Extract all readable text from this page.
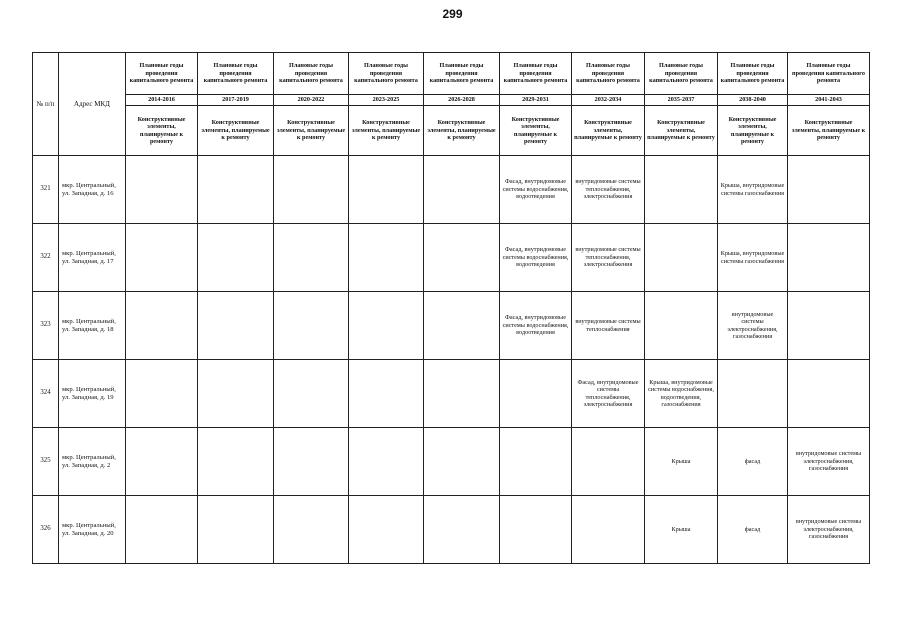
299
№ п/п	Адрес МКД	Плановые годы проведения капитального ремонта	Плановые годы проведения капитального ремонта	Плановые годы проведения капитального ремонта	Плановые годы проведения капитального ремонта	Плановые годы проведения капитального ремонта	Плановые годы проведения капитального ремонта	Плановые годы проведения капитального ремонта	Плановые годы проведения капитального ремонта	Плановые годы проведения капитального ремонта	Плановые годы проведения капитального ремонта
		2014-2016	2017-2019	2020-2022	2023-2025	2026-2028	2029-2031	2032-2034	2035-2037	2038-2040	2041-2043
		Конструктивные элементы, планируемые к ремонту	Конструктивные элементы, планируемые к ремонту	Конструктивные элементы, планируемые к ремонту	Конструктивные элементы, планируемые к ремонту	Конструктивные элементы, планируемые к ремонту	Конструктивные элементы, планируемые к ремонту	Конструктивные элементы, планируемые к ремонту	Конструктивные элементы, планируемые к ремонту	Конструктивные элементы, планируемые к ремонту	Конструктивные элементы, планируемые к ремонту
321	мкр. Центральный, ул. Западная, д. 16						Фасад, внутридомовые системы водоснабжения, водоотведения	внутридомовые системы теплоснабжения, электроснабжения		Крыша, внутридомовые системы газоснабжения	
322	мкр. Центральный, ул. Западная, д. 17						Фасад, внутридомовые системы водоснабжения, водоотведения	внутридомовые системы теплоснабжения, электроснабжения		Крыша, внутридомовые системы газоснабжения	
323	мкр. Центральный, ул. Западная, д. 18						Фасад, внутридомовые системы водоснабжения, водоотведения	внутридомовые системы теплоснабжения		внутридомовые системы электроснабжения, газоснабжения	
324	мкр. Центральный, ул. Западная, д. 19							Фасад, внутридомовые системы теплоснабжения, электроснабжения	Крыша, внутридомовые системы водоснабжения, водоотведения, газоснабжения		
325	мкр. Центральный, ул. Западная, д. 2								Крыша	фасад	внутридомовые системы электроснабжения, газоснабжения
326	мкр. Центральный, ул. Западная, д. 20								Крыша	фасад	внутридомовые системы электроснабжения, газоснабжения
